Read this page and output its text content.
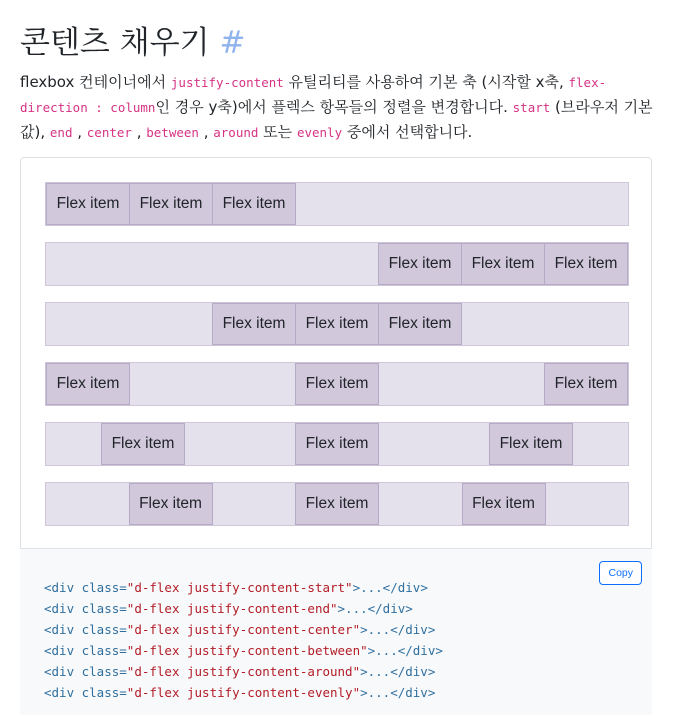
콘텐츠 채우기 #

flexbox 컨테이너에서 justify-content 유틸리티를 사용하여 기본 축 (시작할 x축, flex-direction : column인 경우 y축)에서 플렉스 항목들의 정렬을 변경합니다. start (브라우저 기본값), end , center , between , around 또는 evenly 중에서 선택합니다.

Flex item	Flex item	Flex item
Flex item	Flex item	Flex item
Flex item	Flex item	Flex item
Flex item	Flex item	Flex item
Flex item	Flex item	Flex item
Flex item	Flex item	Flex item
Copy
<div class="d-flex justify-content-start">...</div>
<div class="d-flex justify-content-end">...</div>
<div class="d-flex justify-content-center">...</div>
<div class="d-flex justify-content-between">...</div>
<div class="d-flex justify-content-around">...</div>
<div class="d-flex justify-content-evenly">...</div>
